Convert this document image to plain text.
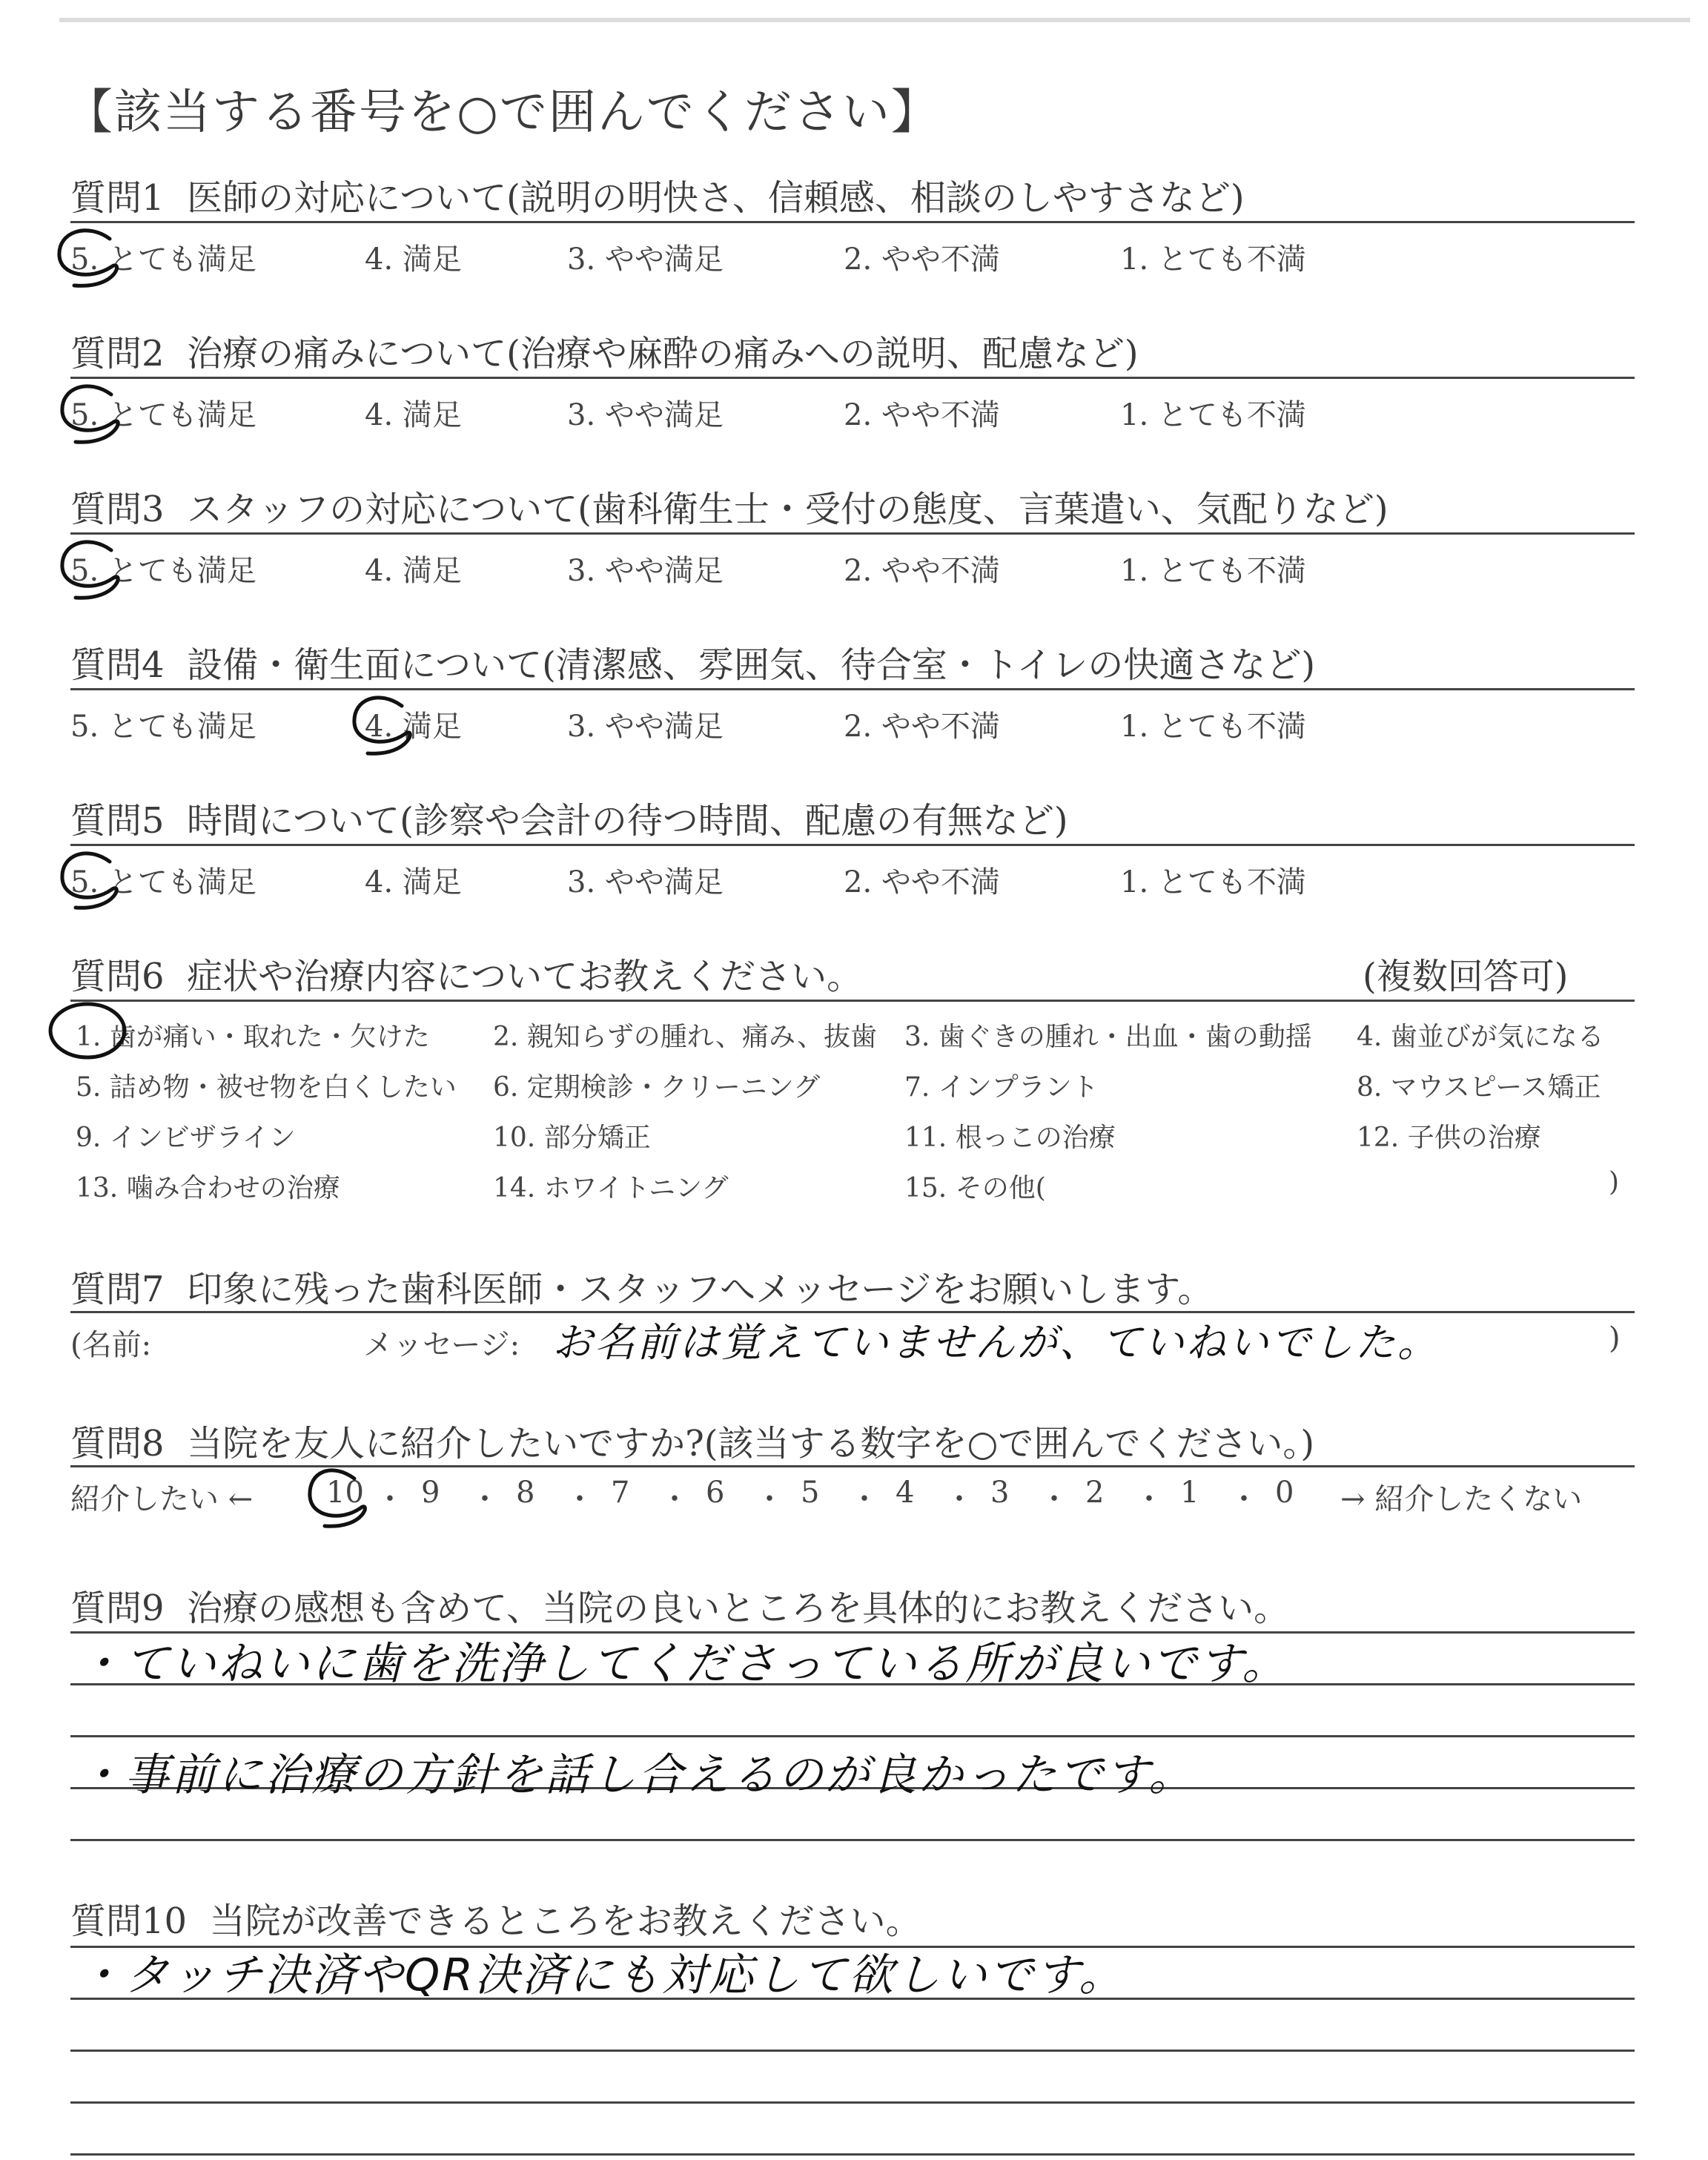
【該当する番号を○で囲んでください】
質問1 医師の対応について(説明の明快さ、信頼感、相談のしやすさなど)
5. とても満足	4. 満足	3. やや満足	2. やや不満	1. とても不満
質問2 治療の痛みについて(治療や麻酔の痛みへの説明、配慮など)
5. とても満足	4. 満足	3. やや満足	2. やや不満	1. とても不満
質問3 スタッフの対応について(歯科衛生士・受付の態度、言葉遣い、気配りなど)
5. とても満足	4. 満足	3. やや満足	2. やや不満	1. とても不満
質問4 設備・衛生面について(清潔感、雰囲気、待合室・トイレの快適さなど)
5. とても満足	4. 満足	3. やや満足	2. やや不満	1. とても不満
質問5 時間について(診察や会計の待つ時間、配慮の有無など)
5. とても満足	4. 満足	3. やや満足	2. やや不満	1. とても不満
質問6 症状や治療内容についてお教えください。	(複数回答可)
1. 歯が痛い・取れた・欠けた 2. 親知らずの腫れ、痛み、抜歯 3. 歯ぐきの腫れ・出血・歯の動揺 4. 歯並びが気になる
5. 詰め物・被せ物を白くしたい 6. 定期検診・クリーニング	7. インプラント	8. マウスピース矯正
9. インビザライン	10. 部分矯正	11. 根っこの治療	12. 子供の治療
13. 噛み合わせの治療	14. ホワイトニング	15. その他(	)
質問7 印象に残った歯科医師・スタッフへメッセージをお願いします。
(名前:	メッセージ: お名前は覚えていませんが、ていねいでした。	)
質問8 当院を友人に紹介したいですか?(該当する数字を○で囲んでください。)
紹介したい ←	→ 紹介したくない
10 ・ 9 ・ 8 ・ 7 ・ 6 ・ 5 ・ 4 ・ 3 ・ 2 ・ 1 ・ 0
質問9 治療の感想も含めて、当院の良いところを具体的にお教えください。
・ていねいに歯を洗浄してくださっている所が良いです。
・事前に治療の方針を話し合えるのが良かったです。
質問10 当院が改善できるところをお教えください。
・タッチ決済やQR決済にも対応して欲しいです。
